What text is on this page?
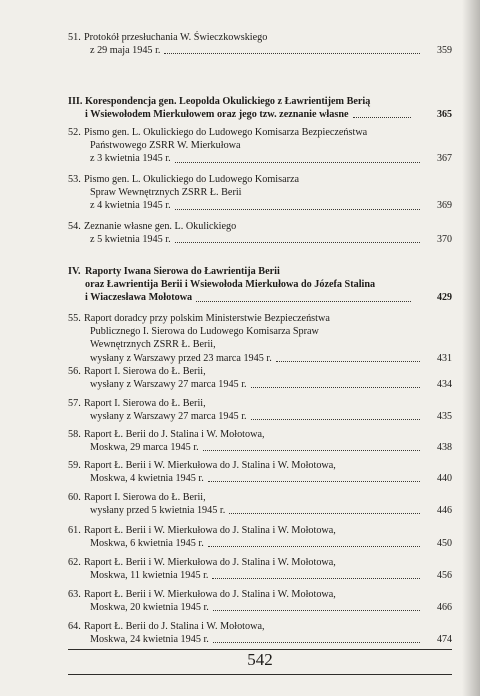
51. Protokół przesłuchania W. Świeczkowskiego
z 29 maja 1945 r.	359
III. Korespondencja gen. Leopolda Okulickiego z Ławrientijem Berią
i Wsiewołodem Mierkułowem oraz jego tzw. zeznanie własne	365
52. Pismo gen. L. Okulickiego do Ludowego Komisarza Bezpieczeństwa
Państwowego ZSRR W. Mierkułowa
z 3 kwietnia 1945 r.	367
53. Pismo gen. L. Okulickiego do Ludowego Komisarza
Spraw Wewnętrznych ZSRR Ł. Berii
z 4 kwietnia 1945 r.	369
54. Zeznanie własne gen. L. Okulickiego
z 5 kwietnia 1945 r.	370
IV. Raporty Iwana Sierowa do Ławrientija Berii
oraz Ławrientija Berii i Wsiewołoda Mierkułowa do Józefa Stalina
i Wiaczesława Mołotowa	429
55. Raport doradcy przy polskim Ministerstwie Bezpieczeństwa
Publicznego I. Sierowa do Ludowego Komisarza Spraw
Wewnętrznych ZSRR Ł. Berii,
wysłany z Warszawy przed 23 marca 1945 r.	431
56. Raport I. Sierowa do Ł. Berii,
wysłany z Warszawy 27 marca 1945 r.	434
57. Raport I. Sierowa do Ł. Berii,
wysłany z Warszawy 27 marca 1945 r.	435
58. Raport Ł. Berii do J. Stalina i W. Mołotowa,
Moskwa, 29 marca 1945 r.	438
59. Raport Ł. Berii i W. Mierkułowa do J. Stalina i W. Mołotowa,
Moskwa, 4 kwietnia 1945 r.	440
60. Raport I. Sierowa do Ł. Berii,
wysłany przed 5 kwietnia 1945 r.	446
61. Raport Ł. Berii i W. Mierkułowa do J. Stalina i W. Mołotowa,
Moskwa, 6 kwietnia 1945 r.	450
62. Raport Ł. Berii i W. Mierkułowa do J. Stalina i W. Mołotowa,
Moskwa, 11 kwietnia 1945 r.	456
63. Raport Ł. Berii i W. Mierkułowa do J. Stalina i W. Mołotowa,
Moskwa, 20 kwietnia 1945 r.	466
64. Raport Ł. Berii do J. Stalina i W. Mołotowa,
Moskwa, 24 kwietnia 1945 r.	474
542
